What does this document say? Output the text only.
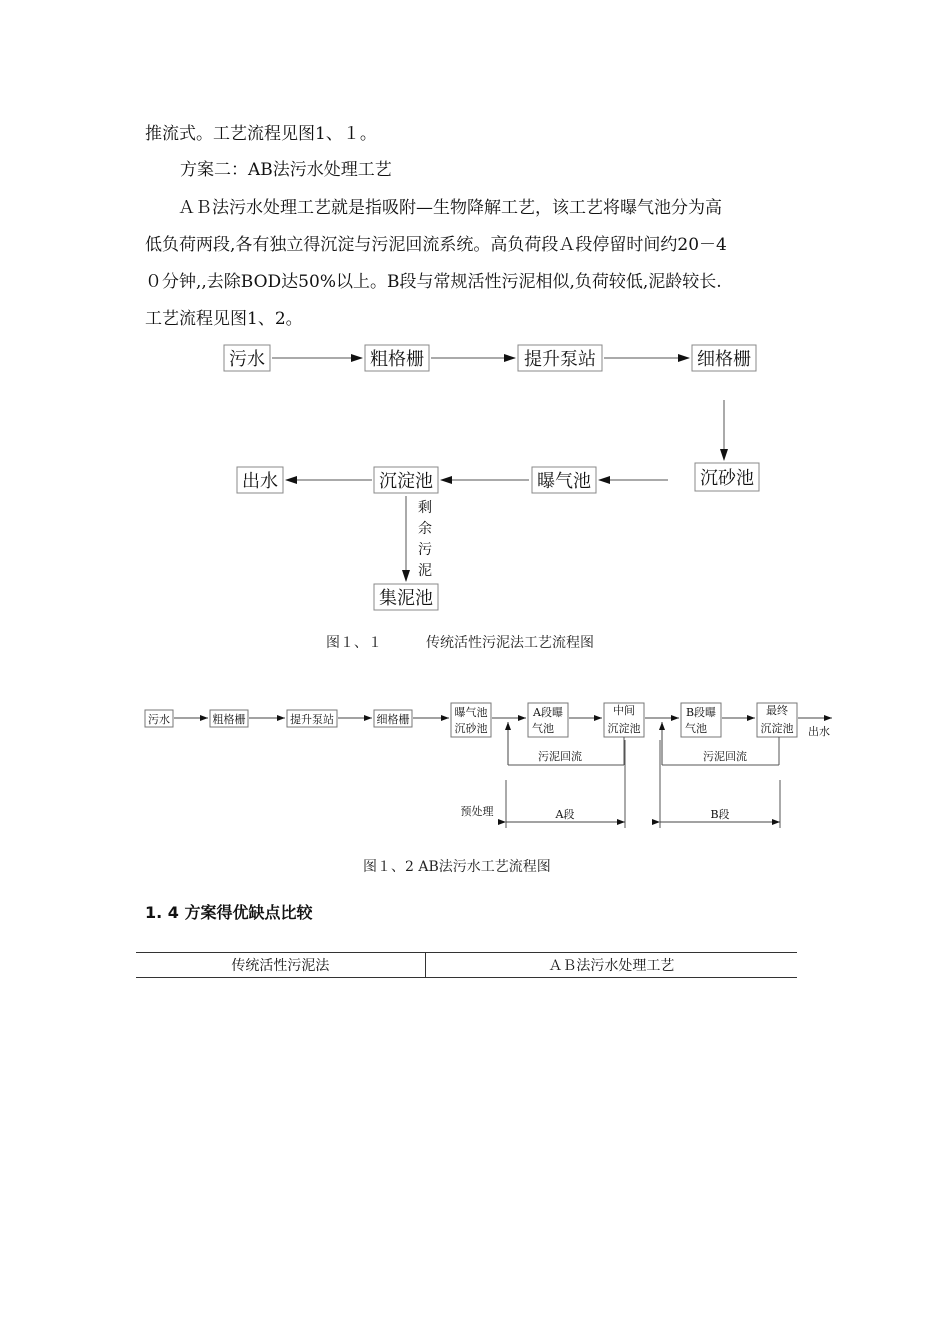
推流式。工艺流程见图1、１。
方案二：AB法污水处理工艺
ＡＢ法污水处理工艺就是指吸附—生物降解工艺，该工艺将曝气池分为高
低负荷两段,各有独立得沉淀与污泥回流系统。高负荷段Ａ段停留时间约20－4
０分钟,,去除BOD达50%以上。B段与常规活性污泥相似,负荷较低,泥龄较长.
工艺流程见图1、2。
污水	粗格栅	提升泵站	细格栅
沉砂池
曝气池
沉淀池
出水
集泥池
剩
余
污
泥
图１、１	传统活性污泥法工艺流程图
污水	粗格栅	提升泵站	细格栅
曝气池
沉砂池
A段曝
气池
中间
沉淀池
B段曝
气池
最终
沉淀池 出水
污泥回流	污泥回流
预处理	A段	B段
图１、2 AB法污水工艺流程图
1. 4 方案得优缺点比较
传统活性污泥法	ＡＢ法污水处理工艺
